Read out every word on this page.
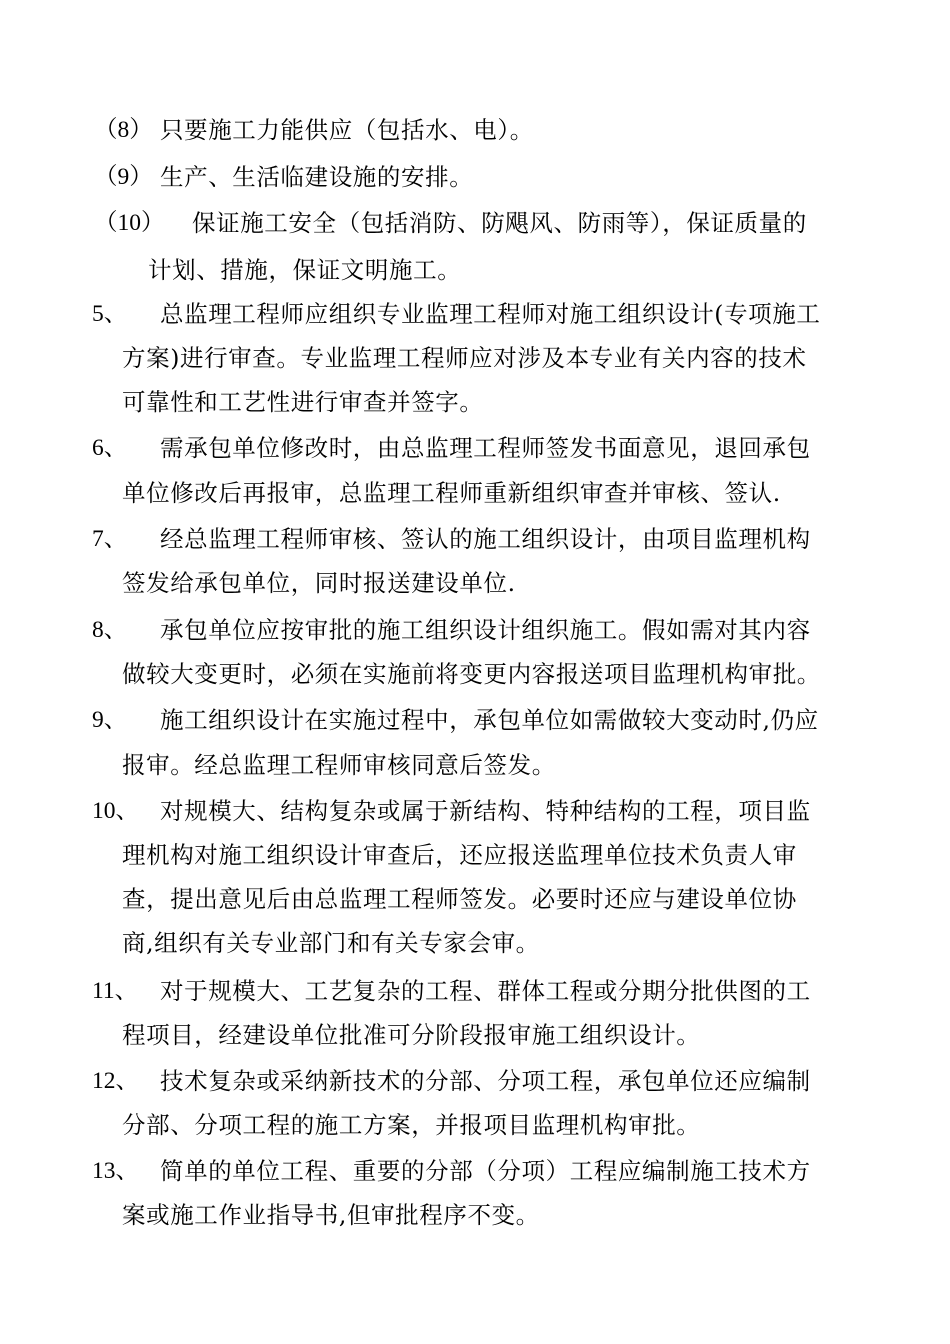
（8） 只要施工力能供应（包括水、电）。
（9） 生产、生活临建设施的安排。
（10） 保证施工安全（包括消防、防飓风、防雨等），保证质量的
计划、措施，保证文明施工。
5、 总监理工程师应组织专业监理工程师对施工组织设计(专项施工
方案)进行审查。专业监理工程师应对涉及本专业有关内容的技术
可靠性和工艺性进行审查并签字。
6、 需承包单位修改时，由总监理工程师签发书面意见，退回承包
单位修改后再报审，总监理工程师重新组织审查并审核、签认.
7、 经总监理工程师审核、签认的施工组织设计，由项目监理机构
签发给承包单位，同时报送建设单位.
8、 承包单位应按审批的施工组织设计组织施工。假如需对其内容
做较大变更时，必须在实施前将变更内容报送项目监理机构审批。
9、 施工组织设计在实施过程中，承包单位如需做较大变动时,仍应
报审。经总监理工程师审核同意后签发。
10、 对规模大、结构复杂或属于新结构、特种结构的工程，项目监
理机构对施工组织设计审查后，还应报送监理单位技术负责人审
查，提出意见后由总监理工程师签发。必要时还应与建设单位协
商,组织有关专业部门和有关专家会审。
11、 对于规模大、工艺复杂的工程、群体工程或分期分批供图的工
程项目，经建设单位批准可分阶段报审施工组织设计。
12、 技术复杂或采纳新技术的分部、分项工程，承包单位还应编制
分部、分项工程的施工方案，并报项目监理机构审批。
13、 简单的单位工程、重要的分部（分项）工程应编制施工技术方
案或施工作业指导书,但审批程序不变。
